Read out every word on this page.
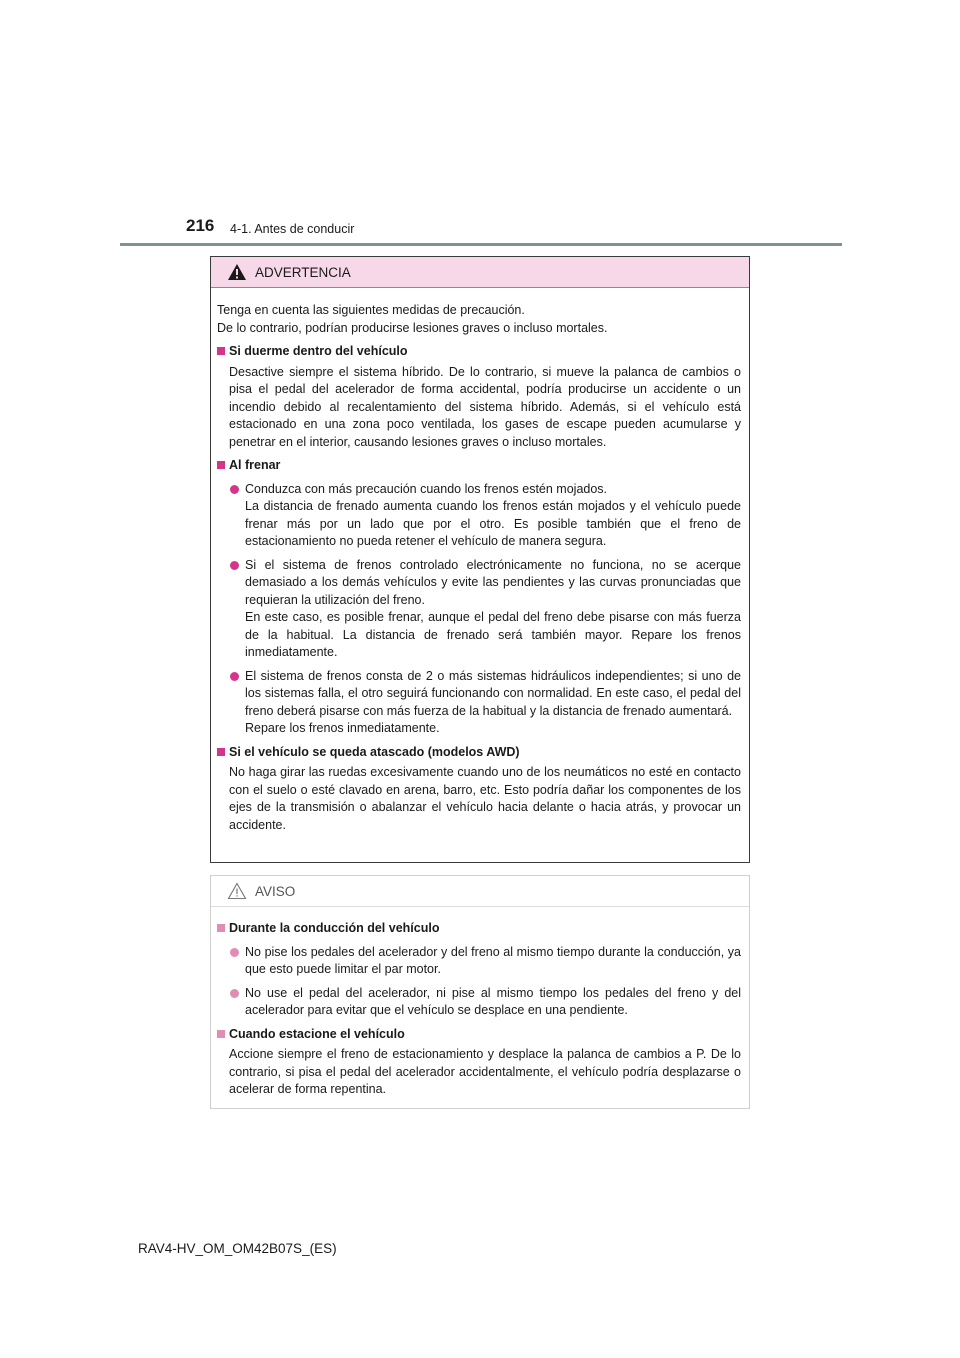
216 4-1. Antes de conducir
ADVERTENCIA

Tenga en cuenta las siguientes medidas de precaución.

De lo contrario, podrían producirse lesiones graves o incluso mortales.

Si duerme dentro del vehículo

Desactive siempre el sistema híbrido. De lo contrario, si mueve la palanca de cambios o pisa el pedal del acelerador de forma accidental, podría producirse un accidente o un incendio debido al recalentamiento del sistema híbrido. Además, si el vehículo está estacionado en una zona poco ventilada, los gases de escape pueden acumularse y penetrar en el interior, causando lesiones graves o incluso mortales.

Al frenar
Conduzca con más precaución cuando los frenos estén mojados.
La distancia de frenado aumenta cuando los frenos están mojados y el vehículo puede frenar más por un lado que por el otro. Es posible también que el freno de estacionamiento no pueda retener el vehículo de manera segura.
Si el sistema de frenos controlado electrónicamente no funciona, no se acerque demasiado a los demás vehículos y evite las pendientes y las curvas pronunciadas que requieran la utilización del freno.
En este caso, es posible frenar, aunque el pedal del freno debe pisarse con más fuerza de la habitual. La distancia de frenado será también mayor. Repare los frenos inmediatamente.
El sistema de frenos consta de 2 o más sistemas hidráulicos independientes; si uno de los sistemas falla, el otro seguirá funcionando con normalidad. En este caso, el pedal del freno deberá pisarse con más fuerza de la habitual y la distancia de frenado aumentará.
Repare los frenos inmediatamente.
Si el vehículo se queda atascado (modelos AWD)

No haga girar las ruedas excesivamente cuando uno de los neumáticos no esté en contacto con el suelo o esté clavado en arena, barro, etc. Esto podría dañar los componentes de los ejes de la transmisión o abalanzar el vehículo hacia delante o hacia atrás, y provocar un accidente.

AVISO
Durante la conducción del vehículo
No pise los pedales del acelerador y del freno al mismo tiempo durante la conducción, ya que esto puede limitar el par motor.
No use el pedal del acelerador, ni pise al mismo tiempo los pedales del freno y del acelerador para evitar que el vehículo se desplace en una pendiente.
Cuando estacione el vehículo

Accione siempre el freno de estacionamiento y desplace la palanca de cambios a P. De lo contrario, si pisa el pedal del acelerador accidentalmente, el vehículo podría desplazarse o acelerar de forma repentina.

RAV4-HV_OM_OM42B07S_(ES)
